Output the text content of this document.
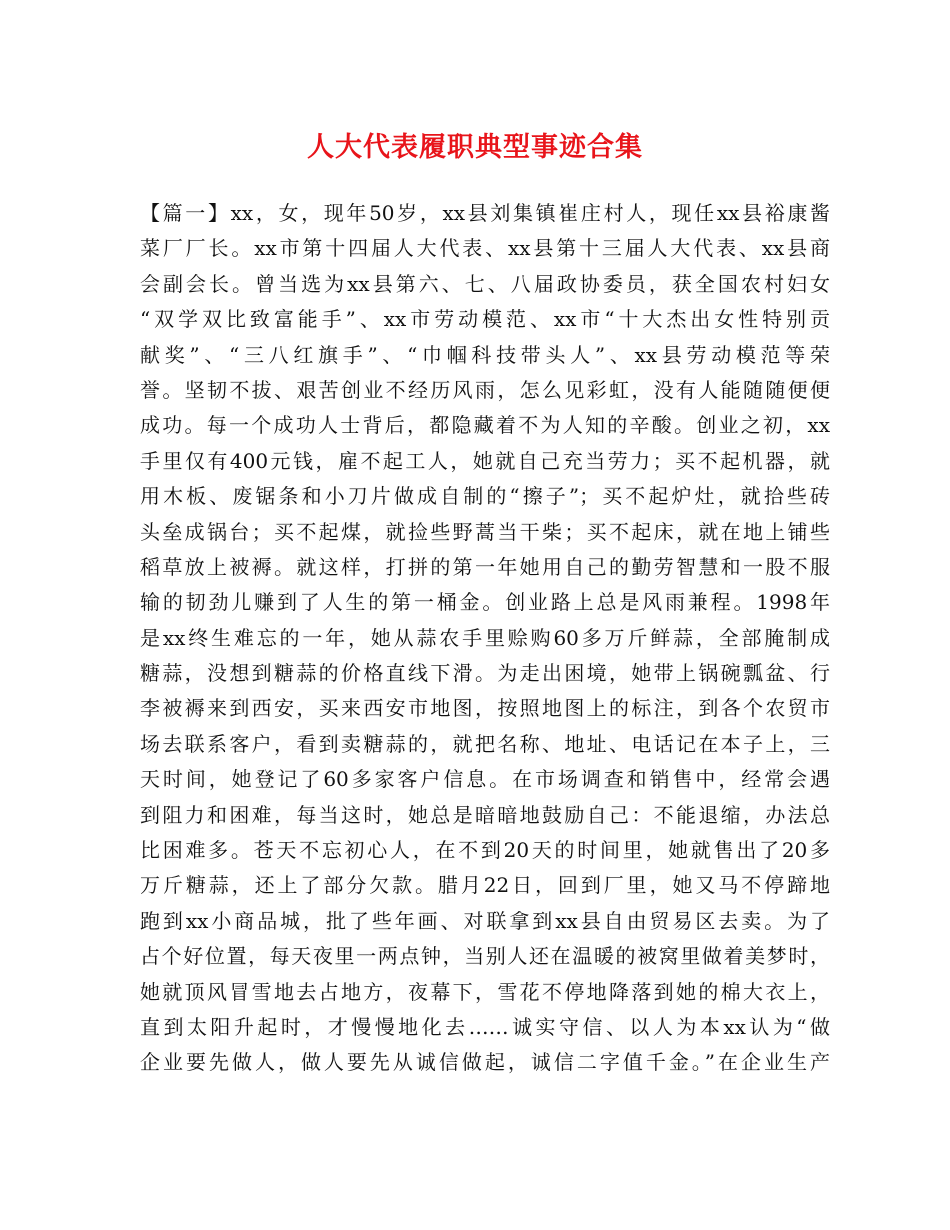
人大代表履职典型事迹合集
【篇一】xx，女，现年50岁，xx县刘集镇崔庄村人，现任xx县裕康酱
菜厂厂长。xx市第十四届人大代表、xx县第十三届人大代表、xx县商
会副会长。曾当选为xx县第六、七、八届政协委员，获全国农村妇女
“双学双比致富能手”、xx市劳动模范、xx市“十大杰出女性特别贡
献奖”、“三八红旗手”、“巾帼科技带头人”、xx县劳动模范等荣
誉。坚韧不拔、艰苦创业不经历风雨，怎么见彩虹，没有人能随随便便
成功。每一个成功人士背后，都隐藏着不为人知的辛酸。创业之初，xx
手里仅有400元钱，雇不起工人，她就自己充当劳力；买不起机器，就
用木板、废锯条和小刀片做成自制的“擦子”；买不起炉灶，就拾些砖
头垒成锅台；买不起煤，就捡些野蒿当干柴；买不起床，就在地上铺些
稻草放上被褥。就这样，打拼的第一年她用自己的勤劳智慧和一股不服
输的韧劲儿赚到了人生的第一桶金。创业路上总是风雨兼程。1998年
是xx终生难忘的一年，她从蒜农手里赊购60多万斤鲜蒜，全部腌制成
糖蒜，没想到糖蒜的价格直线下滑。为走出困境，她带上锅碗瓢盆、行
李被褥来到西安，买来西安市地图，按照地图上的标注，到各个农贸市
场去联系客户，看到卖糖蒜的，就把名称、地址、电话记在本子上，三
天时间，她登记了60多家客户信息。在市场调查和销售中，经常会遇
到阻力和困难，每当这时，她总是暗暗地鼓励自己：不能退缩，办法总
比困难多。苍天不忘初心人，在不到20天的时间里，她就售出了20多
万斤糖蒜，还上了部分欠款。腊月22日，回到厂里，她又马不停蹄地
跑到xx小商品城，批了些年画、对联拿到xx县自由贸易区去卖。为了
占个好位置，每天夜里一两点钟，当别人还在温暖的被窝里做着美梦时，
她就顶风冒雪地去占地方，夜幕下，雪花不停地降落到她的棉大衣上，
直到太阳升起时，才慢慢地化去……诚实守信、以人为本xx认为“做
企业要先做人，做人要先从诚信做起，诚信二字值千金。”在企业生产
